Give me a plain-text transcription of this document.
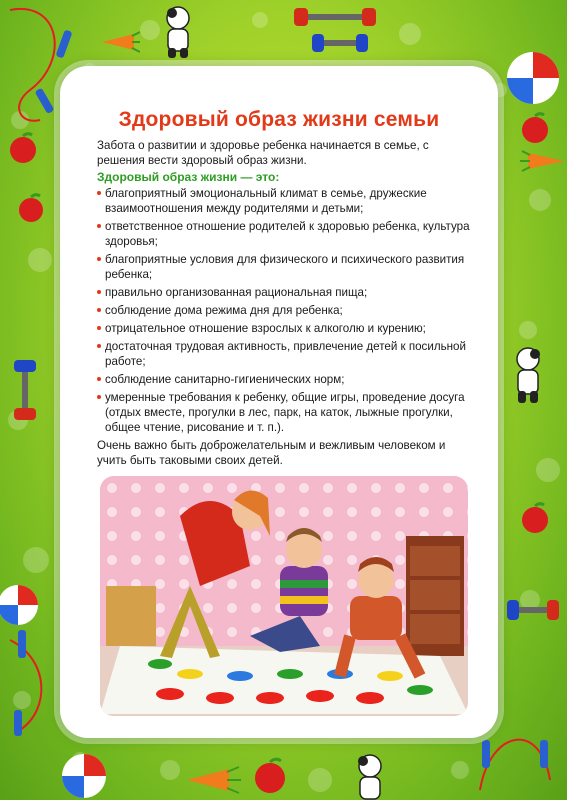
Здоровый образ жизни семьи

Забота о развитии и здоровье ребенка начинается в семье, с решения вести здоровый образ жизни.

Здоровый образ жизни — это:

благоприятный эмоциональный климат в семье, дружеские взаимоотношения между родителями и детьми;
ответственное отношение родителей к здоровью ребенка, культура здоровья;
благоприятные условия для физического и психического развития ребенка;
правильно организованная рациональная пища;
соблюдение дома режима дня для ребенка;
отрицательное отношение взрослых к алкоголю и курению;
достаточная трудовая активность, привлечение детей к посильной работе;
соблюдение санитарно-гигиенических норм;
умеренные требования к ребенку, общие игры, проведение досуга (отдых вместе, прогулки в лес, парк, на каток, лыжные прогулки, общее чтение, рисование и т. п.).

Очень важно быть доброжелательным и вежливым человеком и учить быть таковыми своих детей.
